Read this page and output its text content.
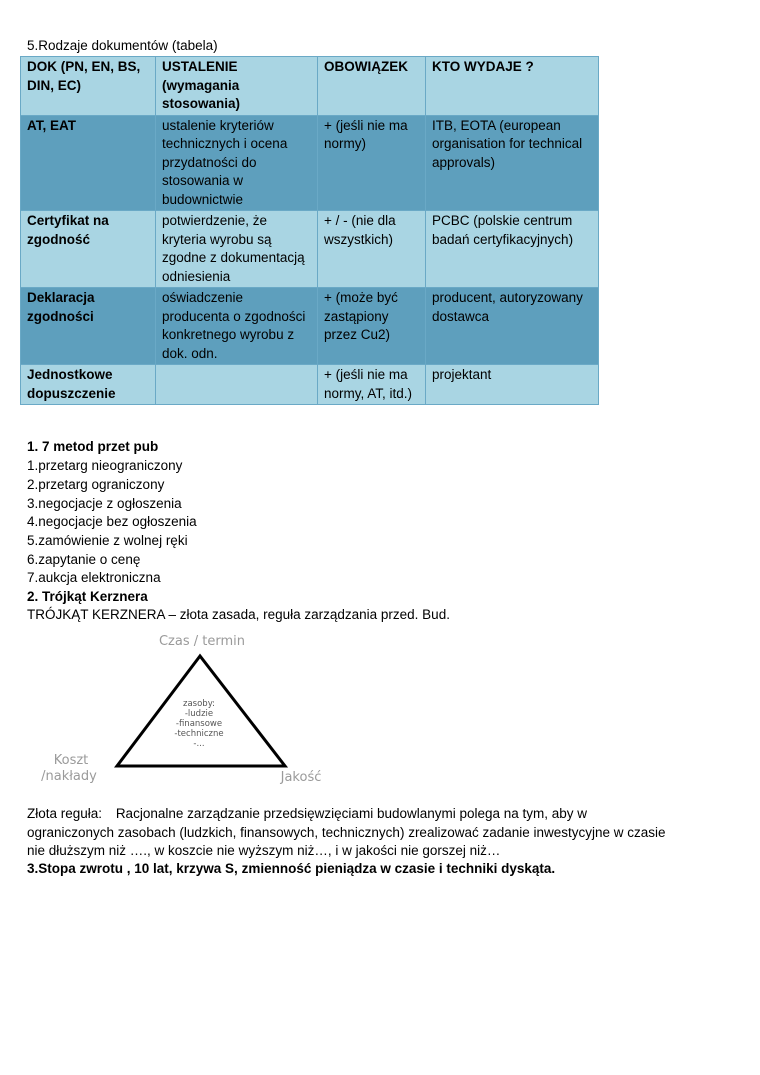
5.Rodzaje dokumentów (tabela)
DOK (PN, EN, BS, DIN, EC)	USTALENIE (wymagania stosowania)	OBOWIĄZEK	KTO WYDAJE ?
AT, EAT	ustalenie kryteriów technicznych i ocena przydatności do stosowania w budownictwie	+ (jeśli nie ma normy)	ITB, EOTA (european organisation for technical approvals)
Certyfikat na zgodność	potwierdzenie, że kryteria wyrobu są zgodne z dokumentacją odniesienia	+ / - (nie dla wszystkich)	PCBC (polskie centrum badań certyfikacyjnych)
Deklaracja zgodności	oświadczenie producenta o zgodności konkretnego wyrobu z dok. odn.	+ (może być zastąpiony przez Cu2)	producent, autoryzowany dostawca
Jednostkowe dopuszczenie		+ (jeśli nie ma normy, AT, itd.)	projektant
1. 7 metod przet pub
1.przetarg nieograniczony
2.przetarg ograniczony
3.negocjacje z ogłoszenia
4.negocjacje bez ogłoszenia
5.zamówienie z wolnej ręki
6.zapytanie o cenę
7.aukcja elektroniczna
2. Trójkąt Kerznera
TRÓJKĄT KERZNERA – złota zasada, reguła zarządzania przed. Bud.
Czas / termin
Koszt
/nakłady	Jakość
zasoby:
-ludzie
-finansowe
-techniczne
-...
Złota reguła: Racjonalne zarządzanie przedsięwzięciami budowlanymi polega na tym, aby w ograniczonych zasobach (ludzkich, finansowych, technicznych) zrealizować zadanie inwestycyjne w czasie nie dłuższym niż …., w koszcie nie wyższym niż…, i w jakości nie gorszej niż…
3.Stopa zwrotu , 10 lat, krzywa S, zmienność pieniądza w czasie i techniki dyskąta.
